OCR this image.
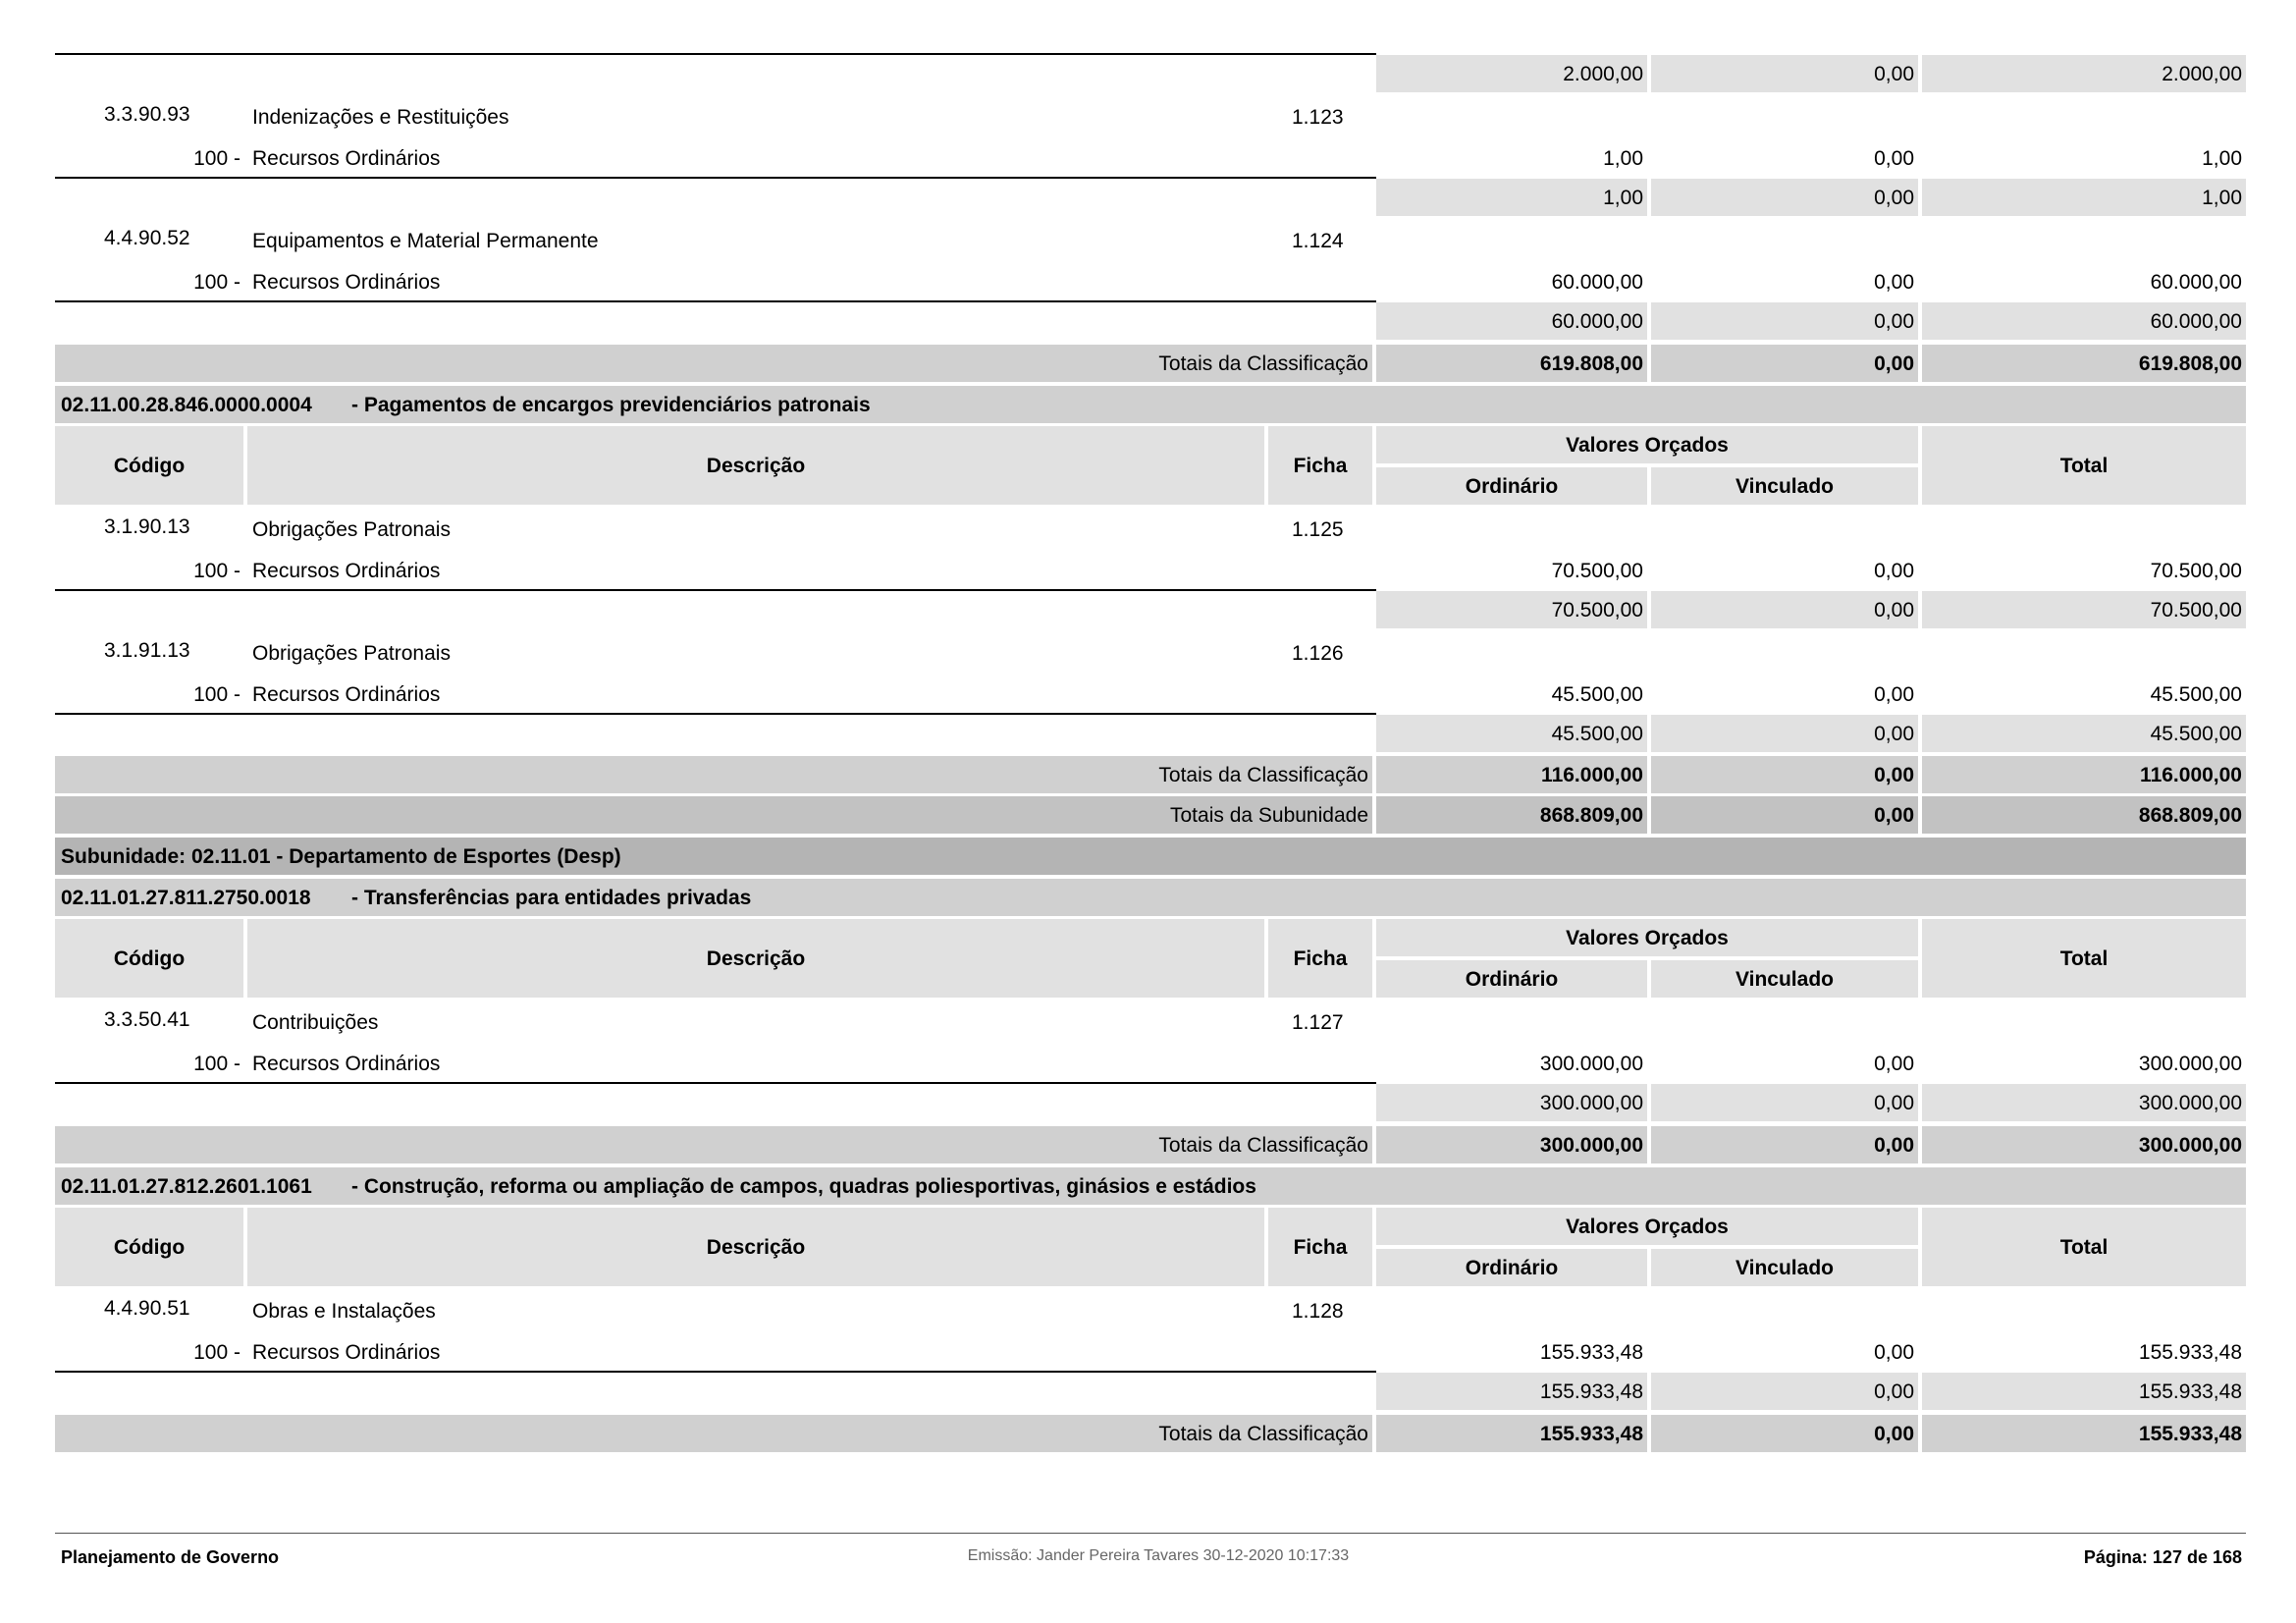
2.000,00	0,00	2.000,00
3.3.90.93	Indenizações e Restituições	1.123
100 - Recursos Ordinários	1,00	0,00	1,00
1,00	0,00	1,00
4.4.90.52	Equipamentos e Material Permanente	1.124
100 - Recursos Ordinários	60.000,00	0,00	60.000,00
60.000,00	0,00	60.000,00
Totais da Classificação	619.808,00	0,00	619.808,00
02.11.00.28.846.0000.0004 - Pagamentos de encargos previdenciários patronais
Código	Descrição	Ficha
Valores Orçados
Ordinário	Vinculado
Total
3.1.90.13	Obrigações Patronais	1.125
100 - Recursos Ordinários	70.500,00	0,00	70.500,00
70.500,00	0,00	70.500,00
3.1.91.13	Obrigações Patronais	1.126
100 - Recursos Ordinários	45.500,00	0,00	45.500,00
45.500,00	0,00	45.500,00
Totais da Classificação	116.000,00	0,00	116.000,00
Totais da Subunidade	868.809,00	0,00	868.809,00
Subunidade: 02.11.01 - Departamento de Esportes (Desp)
02.11.01.27.811.2750.0018 - Transferências para entidades privadas
Código	Descrição	Ficha
Valores Orçados
Ordinário	Vinculado
Total
3.3.50.41	Contribuições	1.127
100 - Recursos Ordinários	300.000,00	0,00	300.000,00
300.000,00	0,00	300.000,00
Totais da Classificação	300.000,00	0,00	300.000,00
02.11.01.27.812.2601.1061 - Construção, reforma ou ampliação de campos, quadras poliesportivas, ginásios e estádios
Código	Descrição	Ficha
Valores Orçados
Ordinário	Vinculado
Total
4.4.90.51	Obras e Instalações	1.128
100 - Recursos Ordinários	155.933,48	0,00	155.933,48
155.933,48	0,00	155.933,48
Totais da Classificação	155.933,48	0,00	155.933,48
Planejamento de Governo	Emissão: Jander Pereira Tavares 30-12-2020 10:17:33	Página: 127 de 168
